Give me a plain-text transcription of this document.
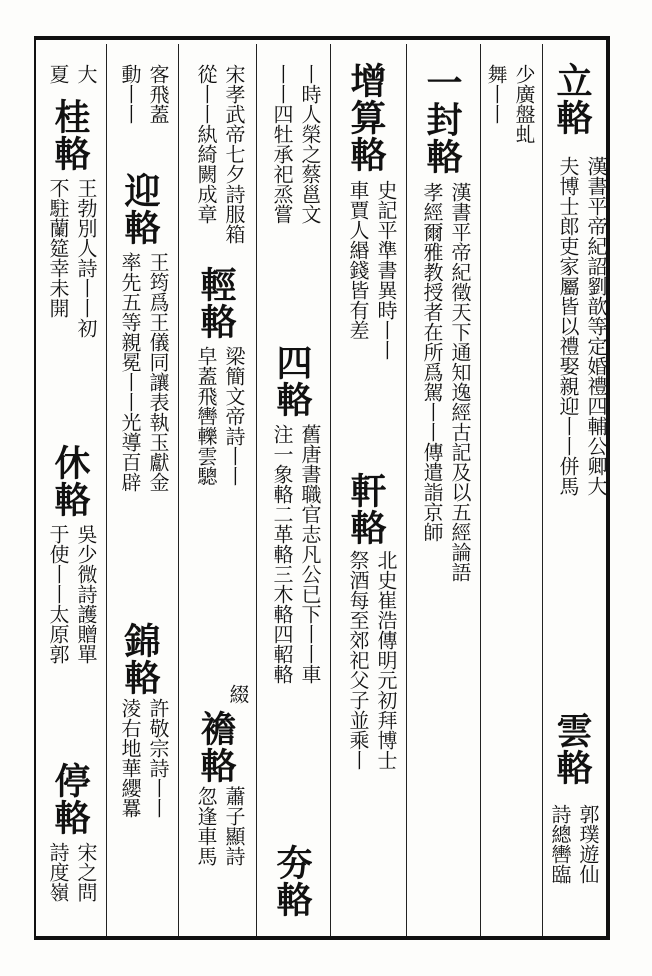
立輅
漢書平帝紀詔劉歆等定婚禮四輔公卿大
夫博士郎吏家屬皆以禮娶親迎丨丨併馬
雲輅
郭璞遊仙
詩總轡臨
少廣盤虬
舞丨丨
一封輅
漢書平帝紀徵天下通知逸經古記及以五經論語
孝經爾雅教授者在所爲駕丨丨傳遣詣京師
增算輅
史記平準書異時丨丨
車賈人緡錢皆有差
軒輅
北史崔浩傳明元初拜博士
祭酒每至郊祀父子並乘丨
丨時人榮之蔡邕文
丨丨四牡承祀烝嘗
四輅
舊唐書職官志凡公已下丨丨車
注一象輅二革輅三木輅四軺輅
夯輅
宋孝武帝七夕詩服箱
從丨丨紈綺闕成章
輕輅
梁簡文帝詩丨丨
皁蓋飛轡轢雲驄
綴
襜輅
蕭子顯詩
忽逢車馬
客飛蓋
動丨丨
迎輅
王筠爲王儀同讓表執玉獻金
率先五等親冕丨丨光導百辟
錦輅
許敬宗詩丨丨
淩右地華纓羃
大
夏
桂輅
王勃別人詩丨丨初
不駐蘭筵幸未開
休輅
吳少微詩護贈單
于使丨丨太原郭
停輅
宋之問
詩度嶺
